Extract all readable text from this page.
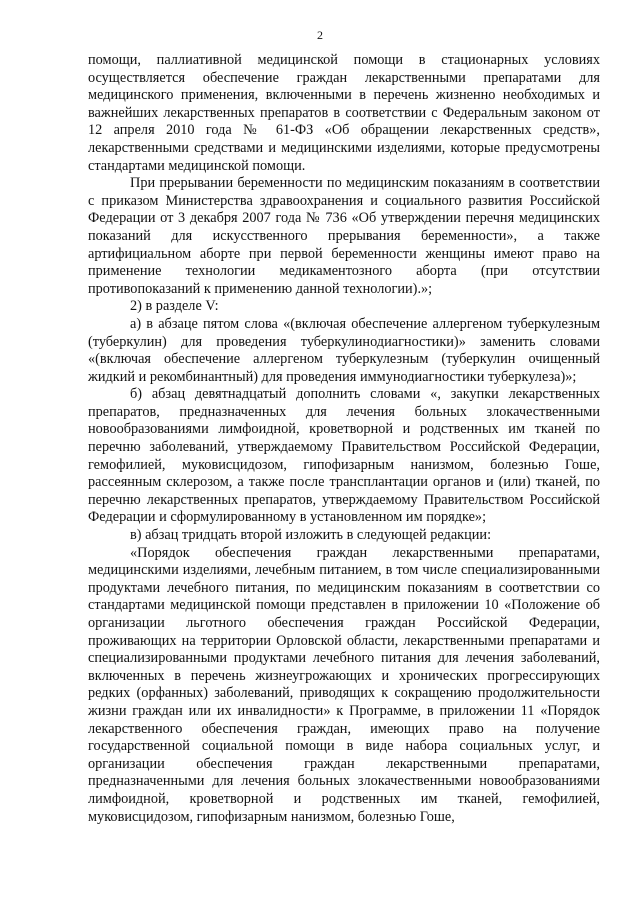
2

помощи, паллиативной медицинской помощи в стационарных условиях осуществляется обеспечение граждан лекарственными препаратами для медицинского применения, включенными в перечень жизненно необходимых и важнейших лекарственных препаратов в соответствии с Федеральным законом от 12 апреля 2010 года № 61-ФЗ «Об обращении лекарственных средств», лекарственными средствами и медицинскими изделиями, которые предусмотрены стандартами медицинской помощи.

При прерывании беременности по медицинским показаниям в соответствии с приказом Министерства здравоохранения и социального развития Российской Федерации от 3 декабря 2007 года № 736 «Об утверждении перечня медицинских показаний для искусственного прерывания беременности», а также артифициальном аборте при первой беременности женщины имеют право на применение технологии медикаментозного аборта (при отсутствии противопоказаний к применению данной технологии).»;

2) в разделе V:

а) в абзаце пятом слова «(включая обеспечение аллергеном туберкулезным (туберкулин) для проведения туберкулинодиагностики)» заменить словами «(включая обеспечение аллергеном туберкулезным (туберкулин очищенный жидкий и рекомбинантный) для проведения иммунодиагностики туберкулеза)»;

б) абзац девятнадцатый дополнить словами «, закупки лекарственных препаратов, предназначенных для лечения больных злокачественными новообразованиями лимфоидной, кроветворной и родственных им тканей по перечню заболеваний, утверждаемому Правительством Российской Федерации, гемофилией, муковисцидозом, гипофизарным нанизмом, болезнью Гоше, рассеянным склерозом, а также после трансплантации органов и (или) тканей, по перечню лекарственных препаратов, утверждаемому Правительством Российской Федерации и сформулированному в установленном им порядке»;

в) абзац тридцать второй изложить в следующей редакции:

«Порядок обеспечения граждан лекарственными препаратами, медицинскими изделиями, лечебным питанием, в том числе специализированными продуктами лечебного питания, по медицинским показаниям в соответствии со стандартами медицинской помощи представлен в приложении 10 «Положение об организации льготного обеспечения граждан Российской Федерации, проживающих на территории Орловской области, лекарственными препаратами и специализированными продуктами лечебного питания для лечения заболеваний, включенных в перечень жизнеугрожающих и хронических прогрессирующих редких (орфанных) заболеваний, приводящих к сокращению продолжительности жизни граждан или их инвалидности» к Программе, в приложении 11 «Порядок лекарственного обеспечения граждан, имеющих право на получение государственной социальной помощи в виде набора социальных услуг, и организации обеспечения граждан лекарственными препаратами, предназначенными для лечения больных злокачественными новообразованиями лимфоидной, кроветворной и родственных им тканей, гемофилией, муковисцидозом, гипофизарным нанизмом, болезнью Гоше,
